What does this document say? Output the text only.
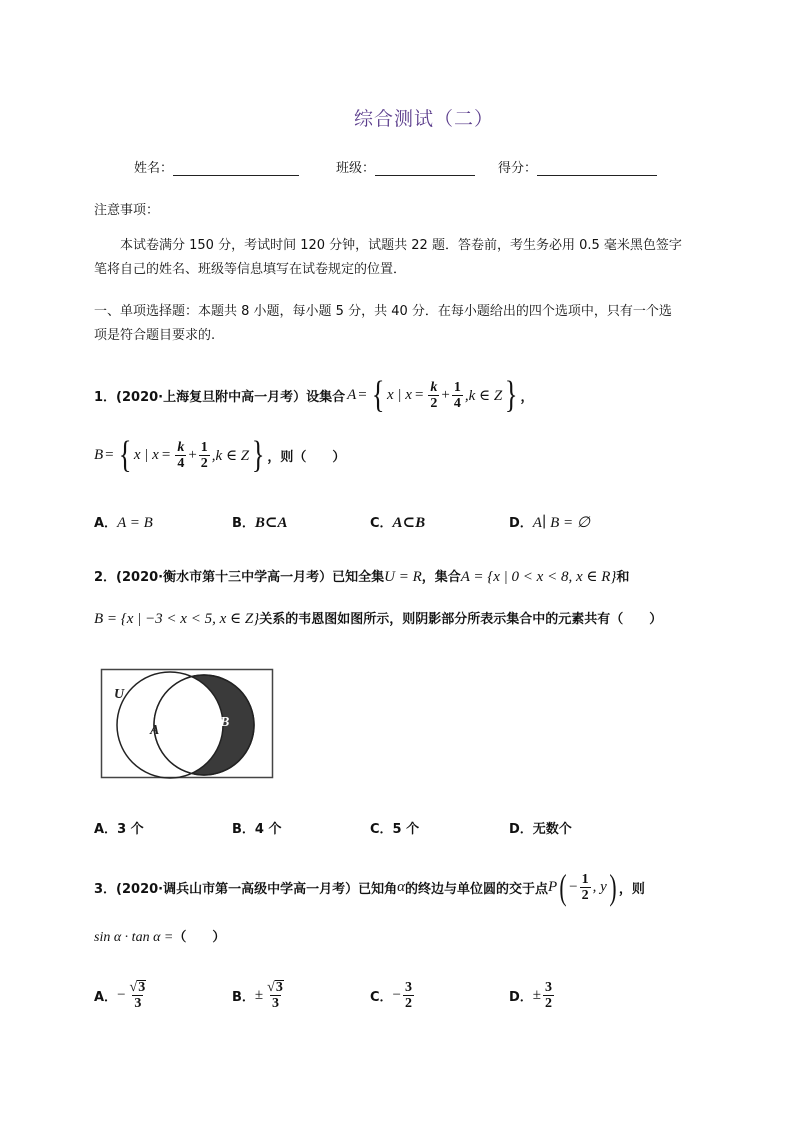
综合测试（二）
姓名：	班级：	得分：
注意事项：
本试卷满分 150 分，考试时间 120 分钟，试题共 22 题．答卷前，考生务必用 0.5 毫米黑色签字
笔将自己的姓名、班级等信息填写在试卷规定的位置．
一、单项选择题：本题共 8 小题，每小题 5 分，共 40 分．在每小题给出的四个选项中，只有一个选
项是符合题目要求的.
1．(2020·上海复旦附中高一月考）设集合 A = { x | $x = \frac{k}{2} + \frac{1}{4} ,k$ ∈ Z } ，
B = { x | $x = \frac{k}{4} + \frac{1}{2} ,k$ ∈ Z } ，则（　　）
A．A = B	B．B⊂A	C．A⊂B	D．A∣ B = ∅
2．(2020·衡水市第十三中学高一月考）已知全集U = R，集合A = {x | 0 < x < 8, x ∈ R}和
B = {x | −3 < x < 5, x ∈ Z}关系的韦恩图如图所示，则阴影部分所表示集合中的元素共有（　　）
U
A
B
A．3 个	B．4 个	C．5 个	D．无数个
3．(2020·调兵山市第一高级中学高一月考）已知角 α 的终边与单位圆的交于点 P ( − $\frac{1}{2}$ , y ) ，则
sin α · tan α =（　　）
A． − $\frac{√3}{3}$	B． ± $\frac{√3}{3}$	C． − $\frac{3}{2}$	D． ± $\frac{3}{2}$
